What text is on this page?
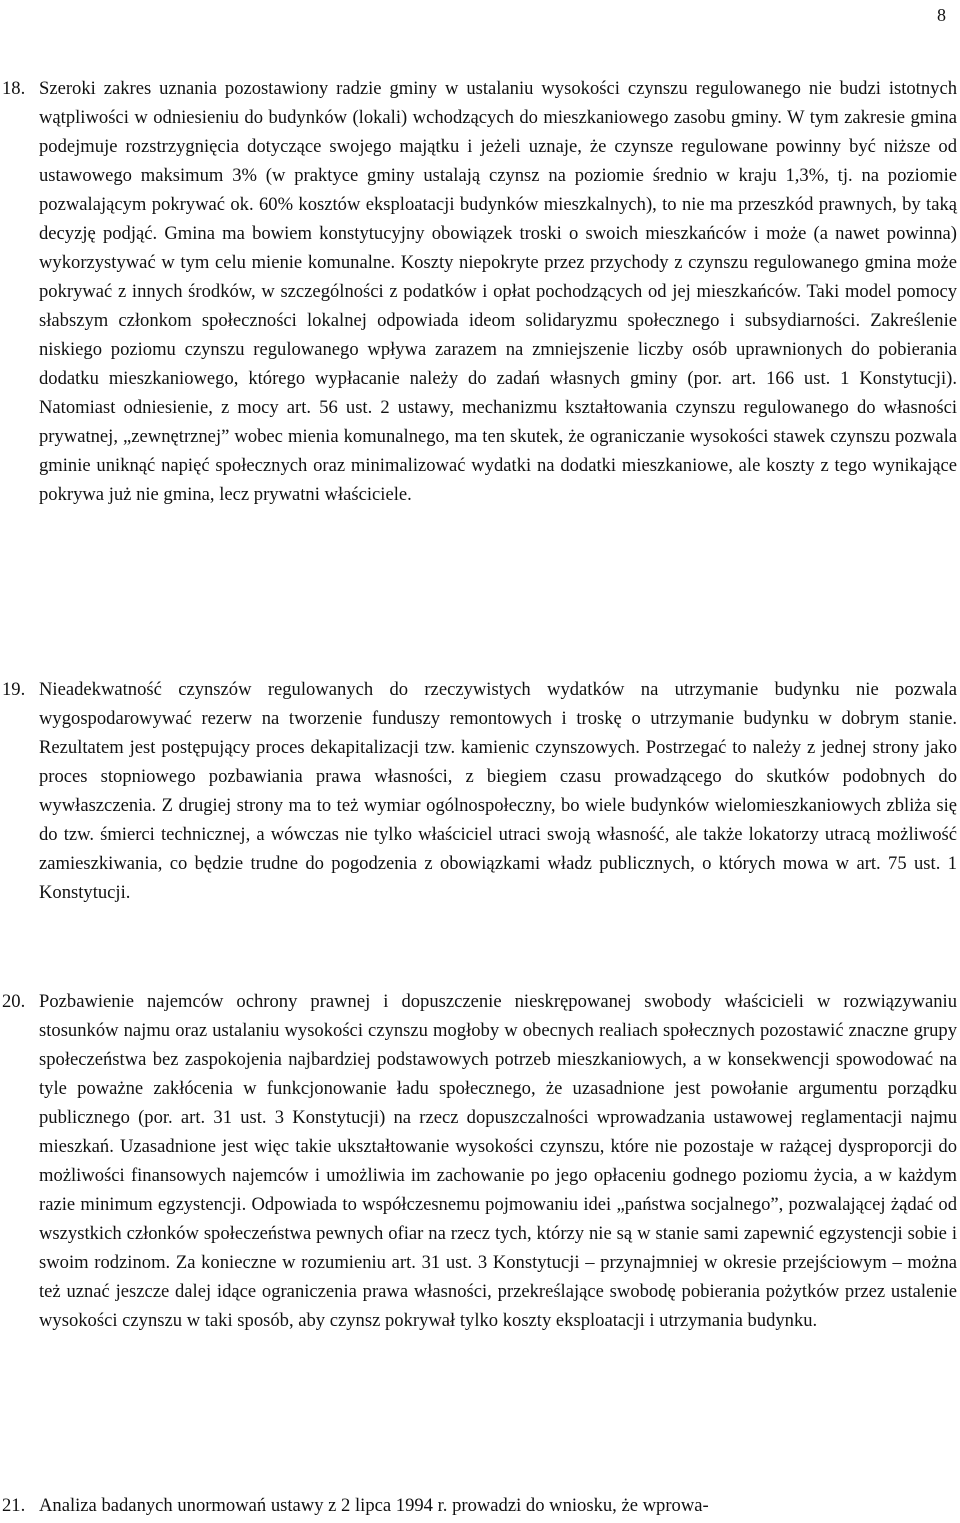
8
18. Szeroki zakres uznania pozostawiony radzie gminy w ustalaniu wysokości czynszu regulowanego nie budzi istotnych wątpliwości w odniesieniu do budynków (lokali) wchodzących do mieszkaniowego zasobu gminy. W tym zakresie gmina podejmuje rozstrzygnięcia dotyczące swojego majątku i jeżeli uznaje, że czynsze regulowane powinny być niższe od ustawowego maksimum 3% (w praktyce gminy ustalają czynsz na poziomie średnio w kraju 1,3%, tj. na poziomie pozwalającym pokrywać ok. 60% kosztów eksploatacji budynków mieszkalnych), to nie ma przeszkód prawnych, by taką decyzję podjąć. Gmina ma bowiem konstytucyjny obowiązek troski o swoich mieszkańców i może (a nawet powinna) wykorzystywać w tym celu mienie komunalne. Koszty niepokryte przez przychody z czynszu regulowanego gmina może pokrywać z innych środków, w szczególności z podatków i opłat pochodzących od jej mieszkańców. Taki model pomocy słabszym członkom społeczności lokalnej odpowiada ideom solidaryzmu społecznego i subsydiarności. Zakreślenie niskiego poziomu czynszu regulowanego wpływa zarazem na zmniejszenie liczby osób uprawnionych do pobierania dodatku mieszkaniowego, którego wypłacanie należy do zadań własnych gminy (por. art. 166 ust. 1 Konstytucji). Natomiast odniesienie, z mocy art. 56 ust. 2 ustawy, mechanizmu kształtowania czynszu regulowanego do własności prywatnej, „zewnętrznej” wobec mienia komunalnego, ma ten skutek, że ograniczanie wysokości stawek czynszu pozwala gminie uniknąć napięć społecznych oraz minimalizować wydatki na dodatki mieszkaniowe, ale koszty z tego wynikające pokrywa już nie gmina, lecz prywatni właściciele.
19. Nieadekwatność czynszów regulowanych do rzeczywistych wydatków na utrzymanie budynku nie pozwala wygospodarowywać rezerw na tworzenie funduszy remontowych i troskę o utrzymanie budynku w dobrym stanie. Rezultatem jest postępujący proces dekapitalizacji tzw. kamienic czynszowych. Postrzegać to należy z jednej strony jako proces stopniowego pozbawiania prawa własności, z biegiem czasu prowadzącego do skutków podobnych do wywłaszczenia. Z drugiej strony ma to też wymiar ogólnospołeczny, bo wiele budynków wielomieszkaniowych zbliża się do tzw. śmierci technicznej, a wówczas nie tylko właściciel utraci swoją własność, ale także lokatorzy utracą możliwość zamieszkiwania, co będzie trudne do pogodzenia z obowiązkami władz publicznych, o których mowa w art. 75 ust. 1 Konstytucji.
20. Pozbawienie najemców ochrony prawnej i dopuszczenie nieskrępowanej swobody właścicieli w rozwiązywaniu stosunków najmu oraz ustalaniu wysokości czynszu mogłoby w obecnych realiach społecznych pozostawić znaczne grupy społeczeństwa bez zaspokojenia najbardziej podstawowych potrzeb mieszkaniowych, a w konsekwencji spowodować na tyle poważne zakłócenia w funkcjonowanie ładu społecznego, że uzasadnione jest powołanie argumentu porządku publicznego (por. art. 31 ust. 3 Konstytucji) na rzecz dopuszczalności wprowadzania ustawowej reglamentacji najmu mieszkań. Uzasadnione jest więc takie ukształtowanie wysokości czynszu, które nie pozostaje w rażącej dysproporcji do możliwości finansowych najemców i umożliwia im zachowanie po jego opłaceniu godnego poziomu życia, a w każdym razie minimum egzystencji. Odpowiada to współczesnemu pojmowaniu idei „państwa socjalnego”, pozwalającej żądać od wszystkich członków społeczeństwa pewnych ofiar na rzecz tych, którzy nie są w stanie sami zapewnić egzystencji sobie i swoim rodzinom. Za konieczne w rozumieniu art. 31 ust. 3 Konstytucji – przynajmniej w okresie przejściowym – można też uznać jeszcze dalej idące ograniczenia prawa własności, przekreślające swobodę pobierania pożytków przez ustalenie wysokości czynszu w taki sposób, aby czynsz pokrywał tylko koszty eksploatacji i utrzymania budynku.
21. Analiza badanych unormowań ustawy z 2 lipca 1994 r. prowadzi do wniosku, że wprowa-
